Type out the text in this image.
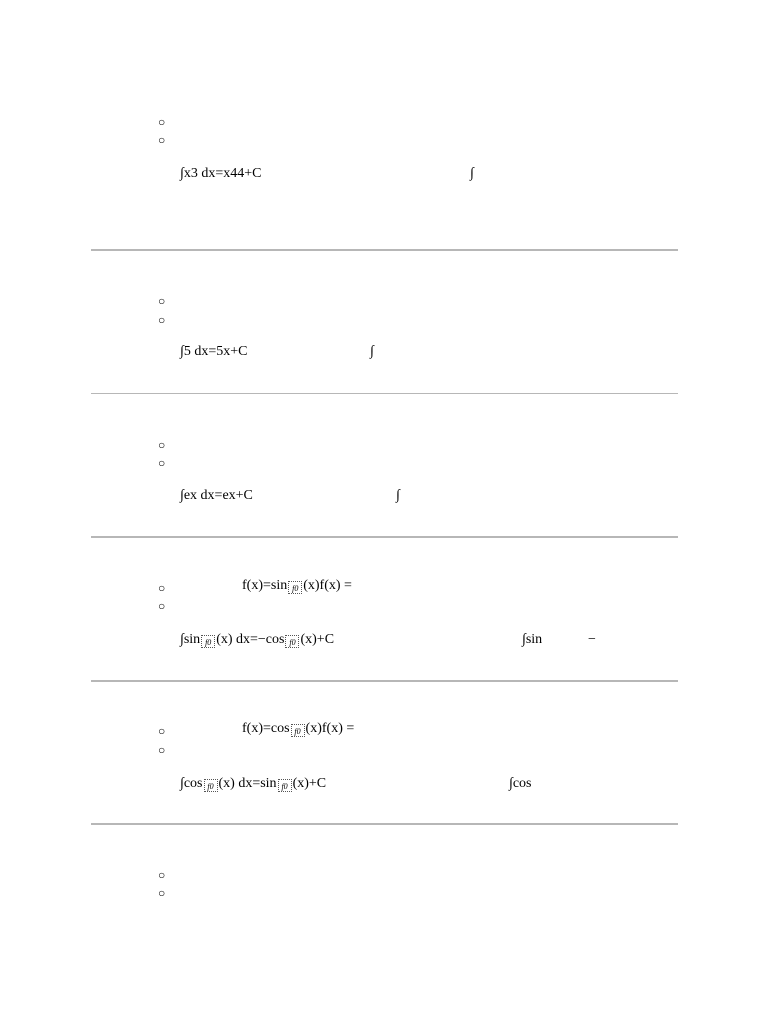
○
○
∫x3 dx=x44+C	∫
○
○
∫5 dx=5x+C	∫
○
○
∫ex dx=ex+C	∫
○	f(x)=sin f0 (x)f(x) =
○
∫sin f0 (x) dx=−cos f0 (x)+C	∫sin	−
○	f(x)=cos f0 (x)f(x) =
○
∫cos f0 (x) dx=sin f0 (x)+C	∫cos
○
○
